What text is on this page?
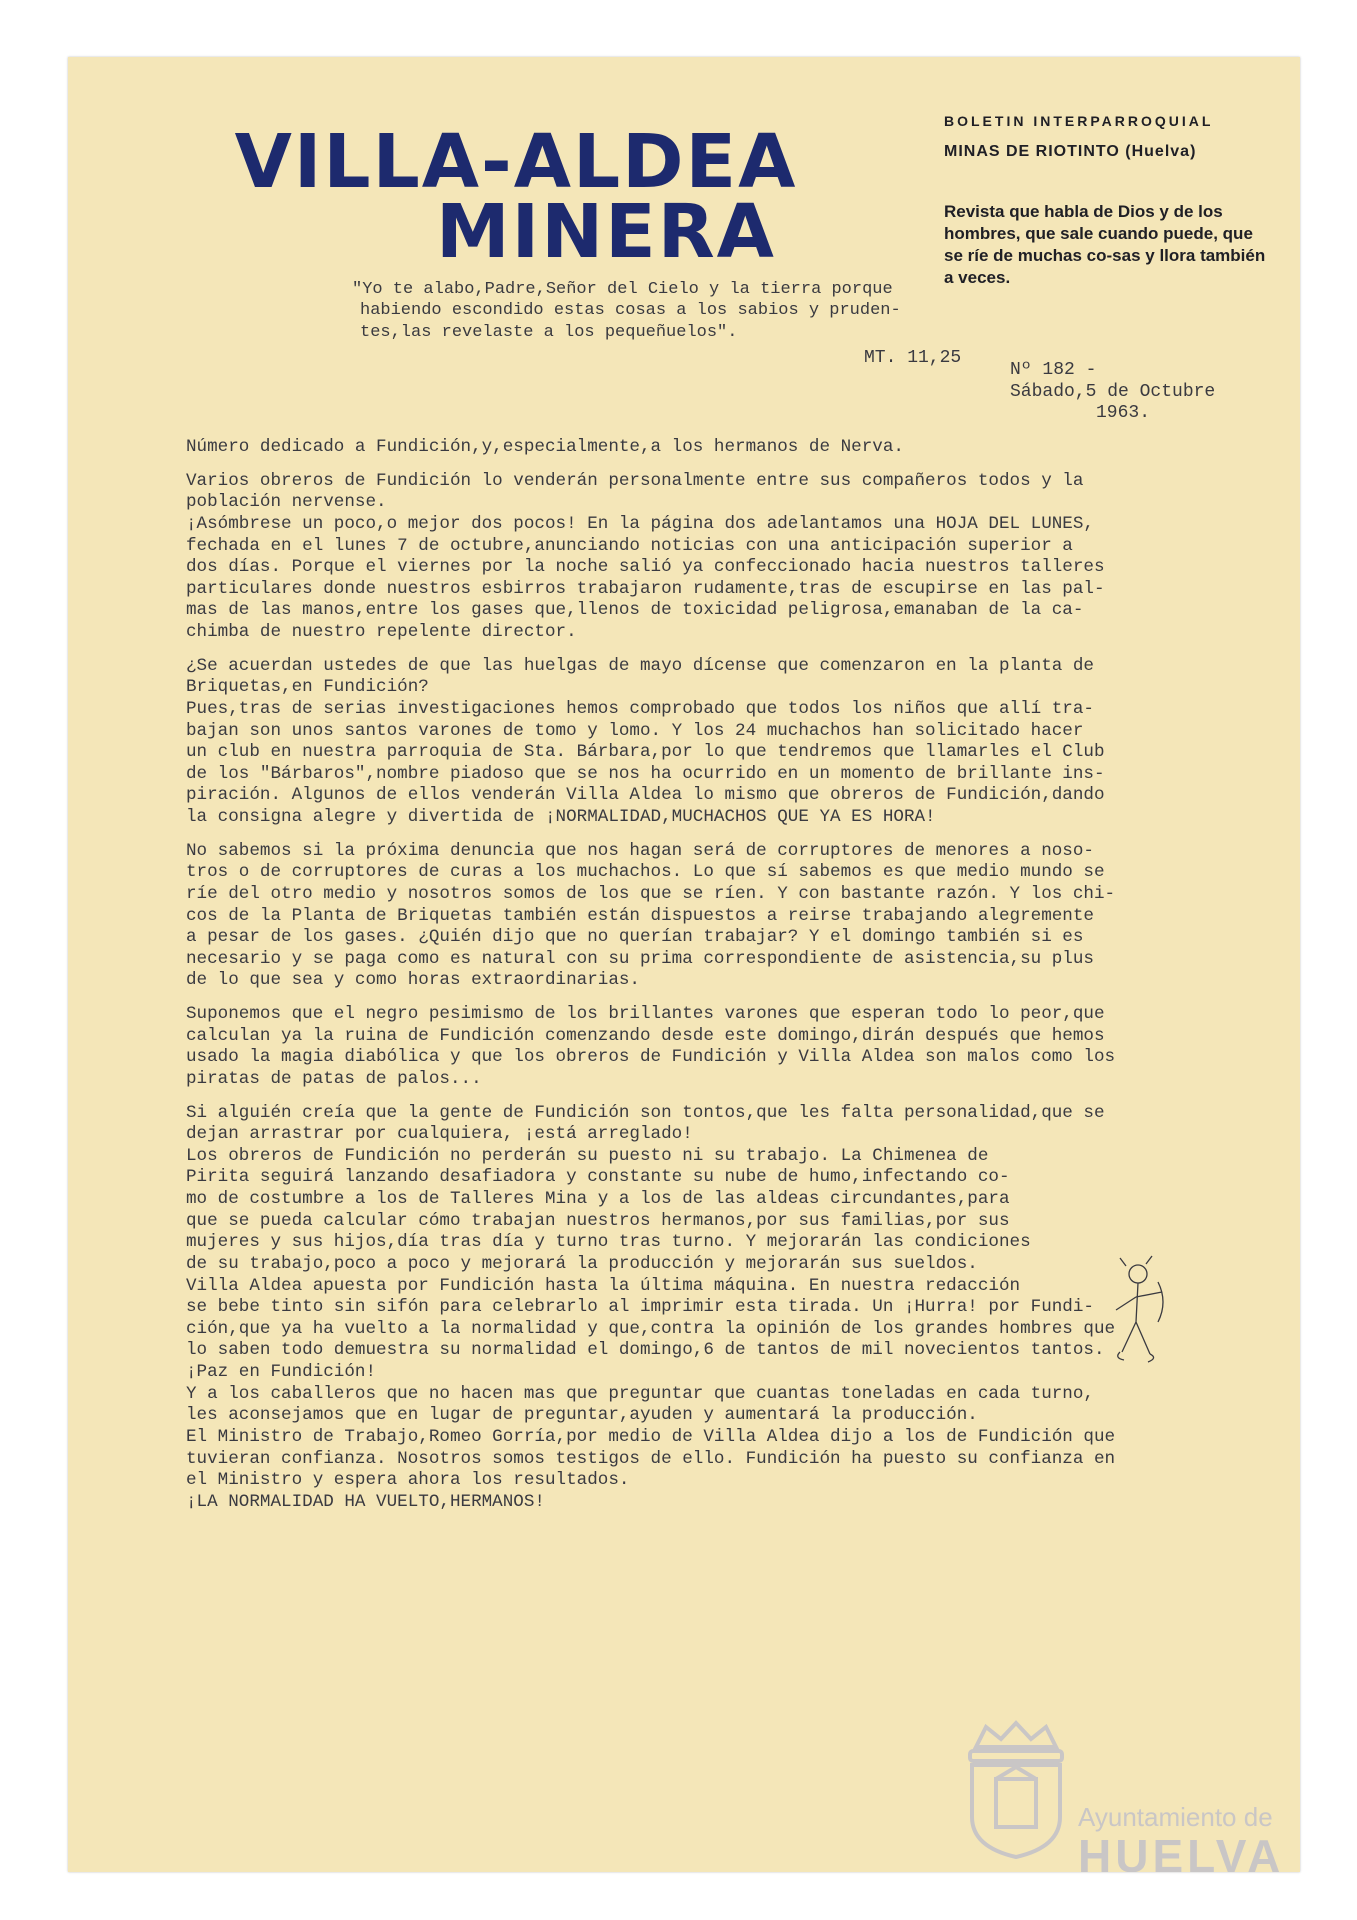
VILLA-ALDEA
MINERA
BOLETIN INTERPARROQUIAL
MINAS DE RIOTINTO (Huelva)
Revista que habla de Dios y de los hombres, que sale cuando puede, que se ríe de muchas co-sas y llora también a veces.
"Yo te alabo,Padre,Señor del Cielo y la tierra porque
habiendo escondido estas cosas a los sabios y pruden-
tes,las revelaste a los pequeñuelos".
MT. 11,25
Nº 182 -
Sábado,5 de Octubre
1963.

Número dedicado a Fundición,y,especialmente,a los hermanos de Nerva.

Varios obreros de Fundición lo venderán personalmente entre sus compañeros todos y la
población nervense.
¡Asómbrese un poco,o mejor dos pocos! En la página dos adelantamos una HOJA DEL LUNES,
fechada en el lunes 7 de octubre,anunciando noticias con una anticipación superior a
dos días. Porque el viernes por la noche salió ya confeccionado hacia nuestros talleres
particulares donde nuestros esbirros trabajaron rudamente,tras de escupirse en las pal-
mas de las manos,entre los gases que,llenos de toxicidad peligrosa,emanaban de la ca-
chimba de nuestro repelente director.

¿Se acuerdan ustedes de que las huelgas de mayo dícense que comenzaron en la planta de
Briquetas,en Fundición?
Pues,tras de serias investigaciones hemos comprobado que todos los niños que allí tra-
bajan son unos santos varones de tomo y lomo. Y los 24 muchachos han solicitado hacer
un club en nuestra parroquia de Sta. Bárbara,por lo que tendremos que llamarles el Club
de los "Bárbaros",nombre piadoso que se nos ha ocurrido en un momento de brillante ins-
piración. Algunos de ellos venderán Villa Aldea lo mismo que obreros de Fundición,dando
la consigna alegre y divertida de ¡NORMALIDAD,MUCHACHOS QUE YA ES HORA!

No sabemos si la próxima denuncia que nos hagan será de corruptores de menores a noso-
tros o de corruptores de curas a los muchachos. Lo que sí sabemos es que medio mundo se
ríe del otro medio y nosotros somos de los que se ríen. Y con bastante razón. Y los chi-
cos de la Planta de Briquetas también están dispuestos a reirse trabajando alegremente
a pesar de los gases. ¿Quién dijo que no querían trabajar? Y el domingo también si es
necesario y se paga como es natural con su prima correspondiente de asistencia,su plus
de lo que sea y como horas extraordinarias.

Suponemos que el negro pesimismo de los brillantes varones que esperan todo lo peor,que
calculan ya la ruina de Fundición comenzando desde este domingo,dirán después que hemos
usado la magia diabólica y que los obreros de Fundición y Villa Aldea son malos como los
piratas de patas de palos...

Si alguién creía que la gente de Fundición son tontos,que les falta personalidad,que se
dejan arrastrar por cualquiera, ¡está arreglado!
Los obreros de Fundición no perderán su puesto ni su trabajo. La Chimenea de
Pirita seguirá lanzando desafiadora y constante su nube de humo,infectando co-
mo de costumbre a los de Talleres Mina y a los de las aldeas circundantes,para
que se pueda calcular cómo trabajan nuestros hermanos,por sus familias,por sus
mujeres y sus hijos,día tras día y turno tras turno. Y mejorarán las condiciones
de su trabajo,poco a poco y mejorará la producción y mejorarán sus sueldos.
Villa Aldea apuesta por Fundición hasta la última máquina. En nuestra redacción
se bebe tinto sin sifón para celebrarlo al imprimir esta tirada. Un ¡Hurra! por Fundi-
ción,que ya ha vuelto a la normalidad y que,contra la opinión de los grandes hombres que
lo saben todo demuestra su normalidad el domingo,6 de tantos de mil novecientos tantos.
¡Paz en Fundición!
Y a los caballeros que no hacen mas que preguntar que cuantas toneladas en cada turno,
les aconsejamos que en lugar de preguntar,ayuden y aumentará la producción.
El Ministro de Trabajo,Romeo Gorría,por medio de Villa Aldea dijo a los de Fundición que
tuvieran confianza. Nosotros somos testigos de ello. Fundición ha puesto su confianza en
el Ministro y espera ahora los resultados.
¡LA NORMALIDAD HA VUELTO,HERMANOS!

Ayuntamiento de
HUELVA
